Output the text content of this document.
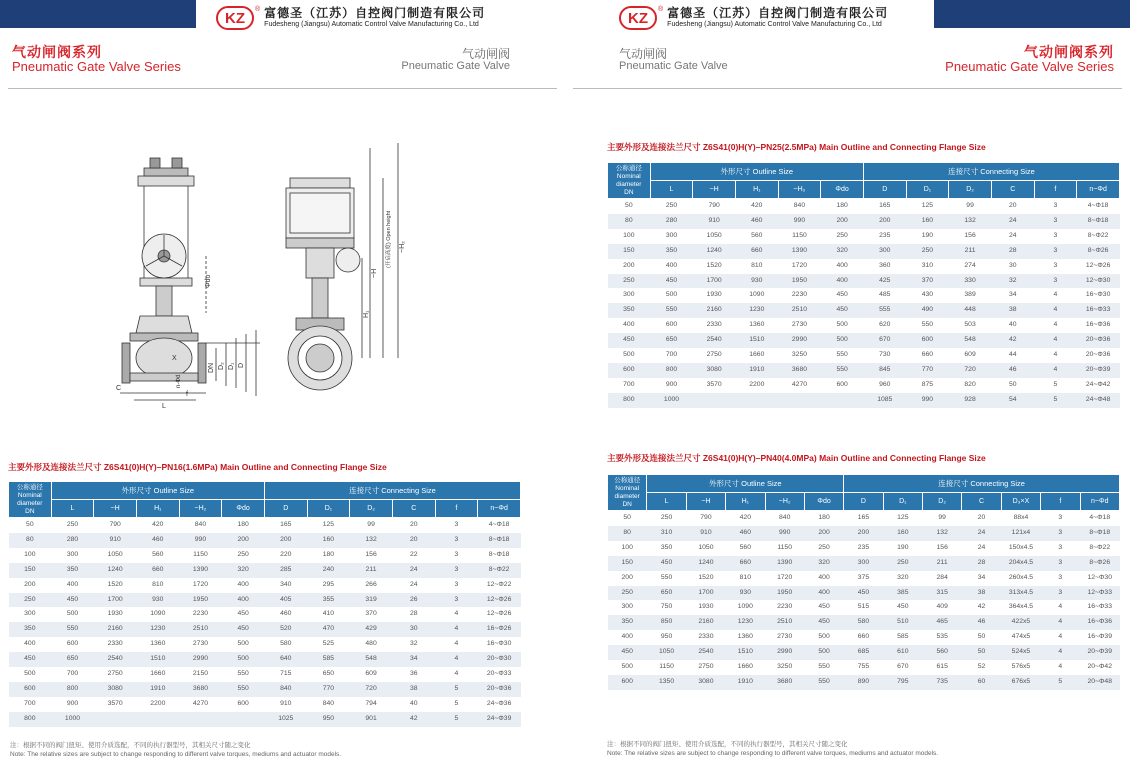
KZ	® 富德圣（江苏）自控阀门制造有限公司
Fudesheng (Jiangsu) Automatic Control Valve Manufacturing Co., Ltd
气动闸阀系列
Pneumatic Gate Valve Series
气动闸阀
Pneumatic Gate Valve
Φdo
~H
H₁
~H₂
(开启高度) Open height
C
L
f
X
DN D₂ D₁ D
n-Φd
主要外形及连接法兰尺寸 Z6S41(0)H(Y)–PN16(1.6MPa) Main Outline and Connecting Flange Size
公称通径
Nominal
diameter
DN	外形尺寸 Outline Size					连接尺寸 Connecting Size					
	L	~H	H₁	~H₂	Φdo	D	D₁	D₂	C	f	n~Φd
50	250	790	420	840	180	165	125	99	20	3	4~Φ18
80	280	910	460	990	200	200	160	132	20	3	8~Φ18
100	300	1050	560	1150	250	220	180	156	22	3	8~Φ18
150	350	1240	660	1390	320	285	240	211	24	3	8~Φ22
200	400	1520	810	1720	400	340	295	266	24	3	12~Φ22
250	450	1700	930	1950	400	405	355	319	26	3	12~Φ26
300	500	1930	1090	2230	450	460	410	370	28	4	12~Φ26
350	550	2160	1230	2510	450	520	470	429	30	4	16~Φ26
400	600	2330	1360	2730	500	580	525	480	32	4	16~Φ30
450	650	2540	1510	2990	500	640	585	548	34	4	20~Φ30
500	700	2750	1660	2150	550	715	650	609	36	4	20~Φ33
600	800	3080	1910	3680	550	840	770	720	38	5	20~Φ36
700	900	3570	2200	4270	600	910	840	794	40	5	24~Φ36
800	1000					1025	950	901	42	5	24~Φ39
注：根据不同的阀门扭矩、使用介质选配，不同的执行器型号，其相关尺寸随之变化
Note: The relative sizes are subject to change responding to different valve torques, mediums and actuator models.
KZ	® 富德圣（江苏）自控阀门制造有限公司
Fudesheng (Jiangsu) Automatic Control Valve Manufacturing Co., Ltd
气动闸阀
Pneumatic Gate Valve
气动闸阀系列
Pneumatic Gate Valve Series
主要外形及连接法兰尺寸 Z6S41(0)H(Y)–PN25(2.5MPa) Main Outline and Connecting Flange Size
公称通径
Nominal
diameter
DN	外形尺寸 Outline Size					连接尺寸 Connecting Size					
	L	~H	H₁	~H₂	Φdo	D	D₁	D₂	C	f	n~Φd
50	250	790	420	840	180	165	125	99	20	3	4~Φ18
80	280	910	460	990	200	200	160	132	24	3	8~Φ18
100	300	1050	560	1150	250	235	190	156	24	3	8~Φ22
150	350	1240	660	1390	320	300	250	211	28	3	8~Φ26
200	400	1520	810	1720	400	360	310	274	30	3	12~Φ26
250	450	1700	930	1950	400	425	370	330	32	3	12~Φ30
300	500	1930	1090	2230	450	485	430	389	34	4	16~Φ30
350	550	2160	1230	2510	450	555	490	448	38	4	16~Φ33
400	600	2330	1360	2730	500	620	550	503	40	4	16~Φ36
450	650	2540	1510	2990	500	670	600	548	42	4	20~Φ36
500	700	2750	1660	3250	550	730	660	609	44	4	20~Φ36
600	800	3080	1910	3680	550	845	770	720	46	4	20~Φ39
700	900	3570	2200	4270	600	960	875	820	50	5	24~Φ42
800	1000					1085	990	928	54	5	24~Φ48
主要外形及连接法兰尺寸 Z6S41(0)H(Y)–PN40(4.0MPa) Main Outline and Connecting Flange Size
公称通径
Nominal
diameter
DN	外形尺寸 Outline Size					连接尺寸 Connecting Size						
	L	~H	H₁	~H₂	Φdo	D	D₁	D₂	C	D₃×X	f	n~Φd
50	250	790	420	840	180	165	125	99	20	88x4	3	4~Φ18
80	310	910	460	990	200	200	160	132	24	121x4	3	8~Φ18
100	350	1050	560	1150	250	235	190	156	24	150x4.5	3	8~Φ22
150	450	1240	660	1390	320	300	250	211	28	204x4.5	3	8~Φ26
200	550	1520	810	1720	400	375	320	284	34	260x4.5	3	12~Φ30
250	650	1700	930	1950	400	450	385	315	38	313x4.5	3	12~Φ33
300	750	1930	1090	2230	450	515	450	409	42	364x4.5	4	16~Φ33
350	850	2160	1230	2510	450	580	510	465	46	422x5	4	16~Φ36
400	950	2330	1360	2730	500	660	585	535	50	474x5	4	16~Φ39
450	1050	2540	1510	2990	500	685	610	560	50	524x5	4	20~Φ39
500	1150	2750	1660	3250	550	755	670	615	52	576x5	4	20~Φ42
600	1350	3080	1910	3680	550	890	795	735	60	676x5	5	20~Φ48
注：根据不同的阀门扭矩、使用介质选配，不同的执行器型号，其相关尺寸随之变化
Note: The relative sizes are subject to change responding to different valve torques, mediums and actuator models.
